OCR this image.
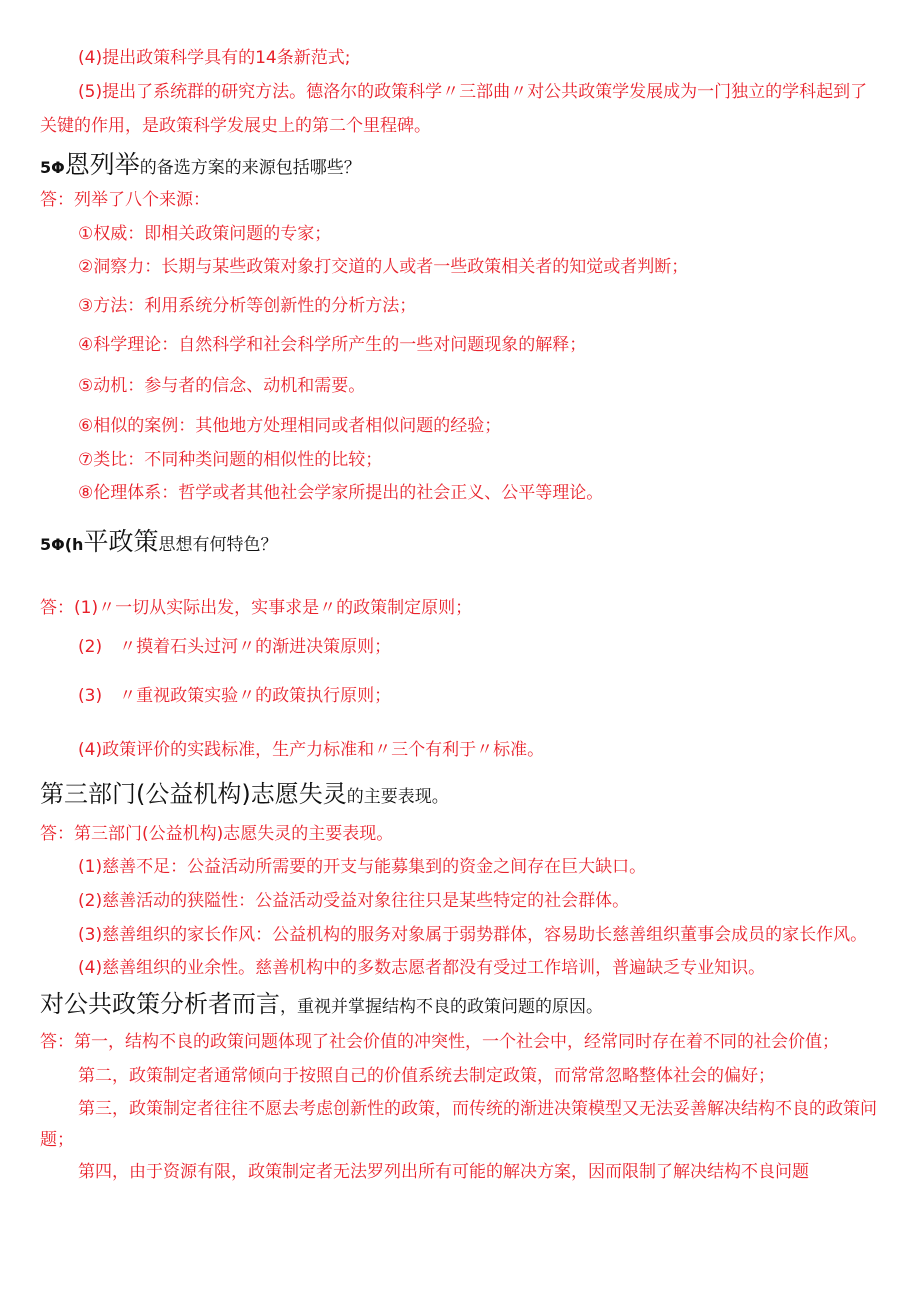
(4)提出政策科学具有的14条新范式;
(5)提出了系统群的研究方法。德洛尔的政策科学〃三部曲〃对公共政策学发展成为一门独立的学科起到了
关键的作用，是政策科学发展史上的第二个里程碑。
5Φ恩列举的备选方案的来源包括哪些？
答：列举了八个来源：
①权威：即相关政策问题的专家；
②洞察力：长期与某些政策对象打交道的人或者一些政策相关者的知觉或者判断；
③方法：利用系统分析等创新性的分析方法；
④科学理论：自然科学和社会科学所产生的一些对问题现象的解释；
⑤动机：参与者的信念、动机和需要。
⑥相似的案例：其他地方处理相同或者相似问题的经验；
⑦类比：不同种类问题的相似性的比较；
⑧伦理体系：哲学或者其他社会学家所提出的社会正义、公平等理论。
5Φ(h平政策思想有何特色？
答：(1)〃一切从实际出发，实事求是〃的政策制定原则；
(2)　〃摸着石头过河〃的渐进决策原则；
(3)　〃重视政策实验〃的政策执行原则；
(4)政策评价的实践标准，生产力标准和〃三个有利于〃标准。
第三部门(公益机构)志愿失灵的主要表现。
答：第三部门(公益机构)志愿失灵的主要表现。
(1)慈善不足：公益活动所需要的开支与能募集到的资金之间存在巨大缺口。
(2)慈善活动的狭隘性：公益活动受益对象往往只是某些特定的社会群体。
(3)慈善组织的家长作风：公益机构的服务对象属于弱势群体，容易助长慈善组织董事会成员的家长作风。
(4)慈善组织的业余性。慈善机构中的多数志愿者都没有受过工作培训，普遍缺乏专业知识。
对公共政策分析者而言，重视并掌握结构不良的政策问题的原因。
答：第一，结构不良的政策问题体现了社会价值的冲突性，一个社会中，经常同时存在着不同的社会价值；
第二，政策制定者通常倾向于按照自己的价值系统去制定政策，而常常忽略整体社会的偏好；
第三，政策制定者往往不愿去考虑创新性的政策，而传统的渐进决策模型又无法妥善解决结构不良的政策问
题；
第四，由于资源有限，政策制定者无法罗列出所有可能的解决方案，因而限制了解决结构不良问题
